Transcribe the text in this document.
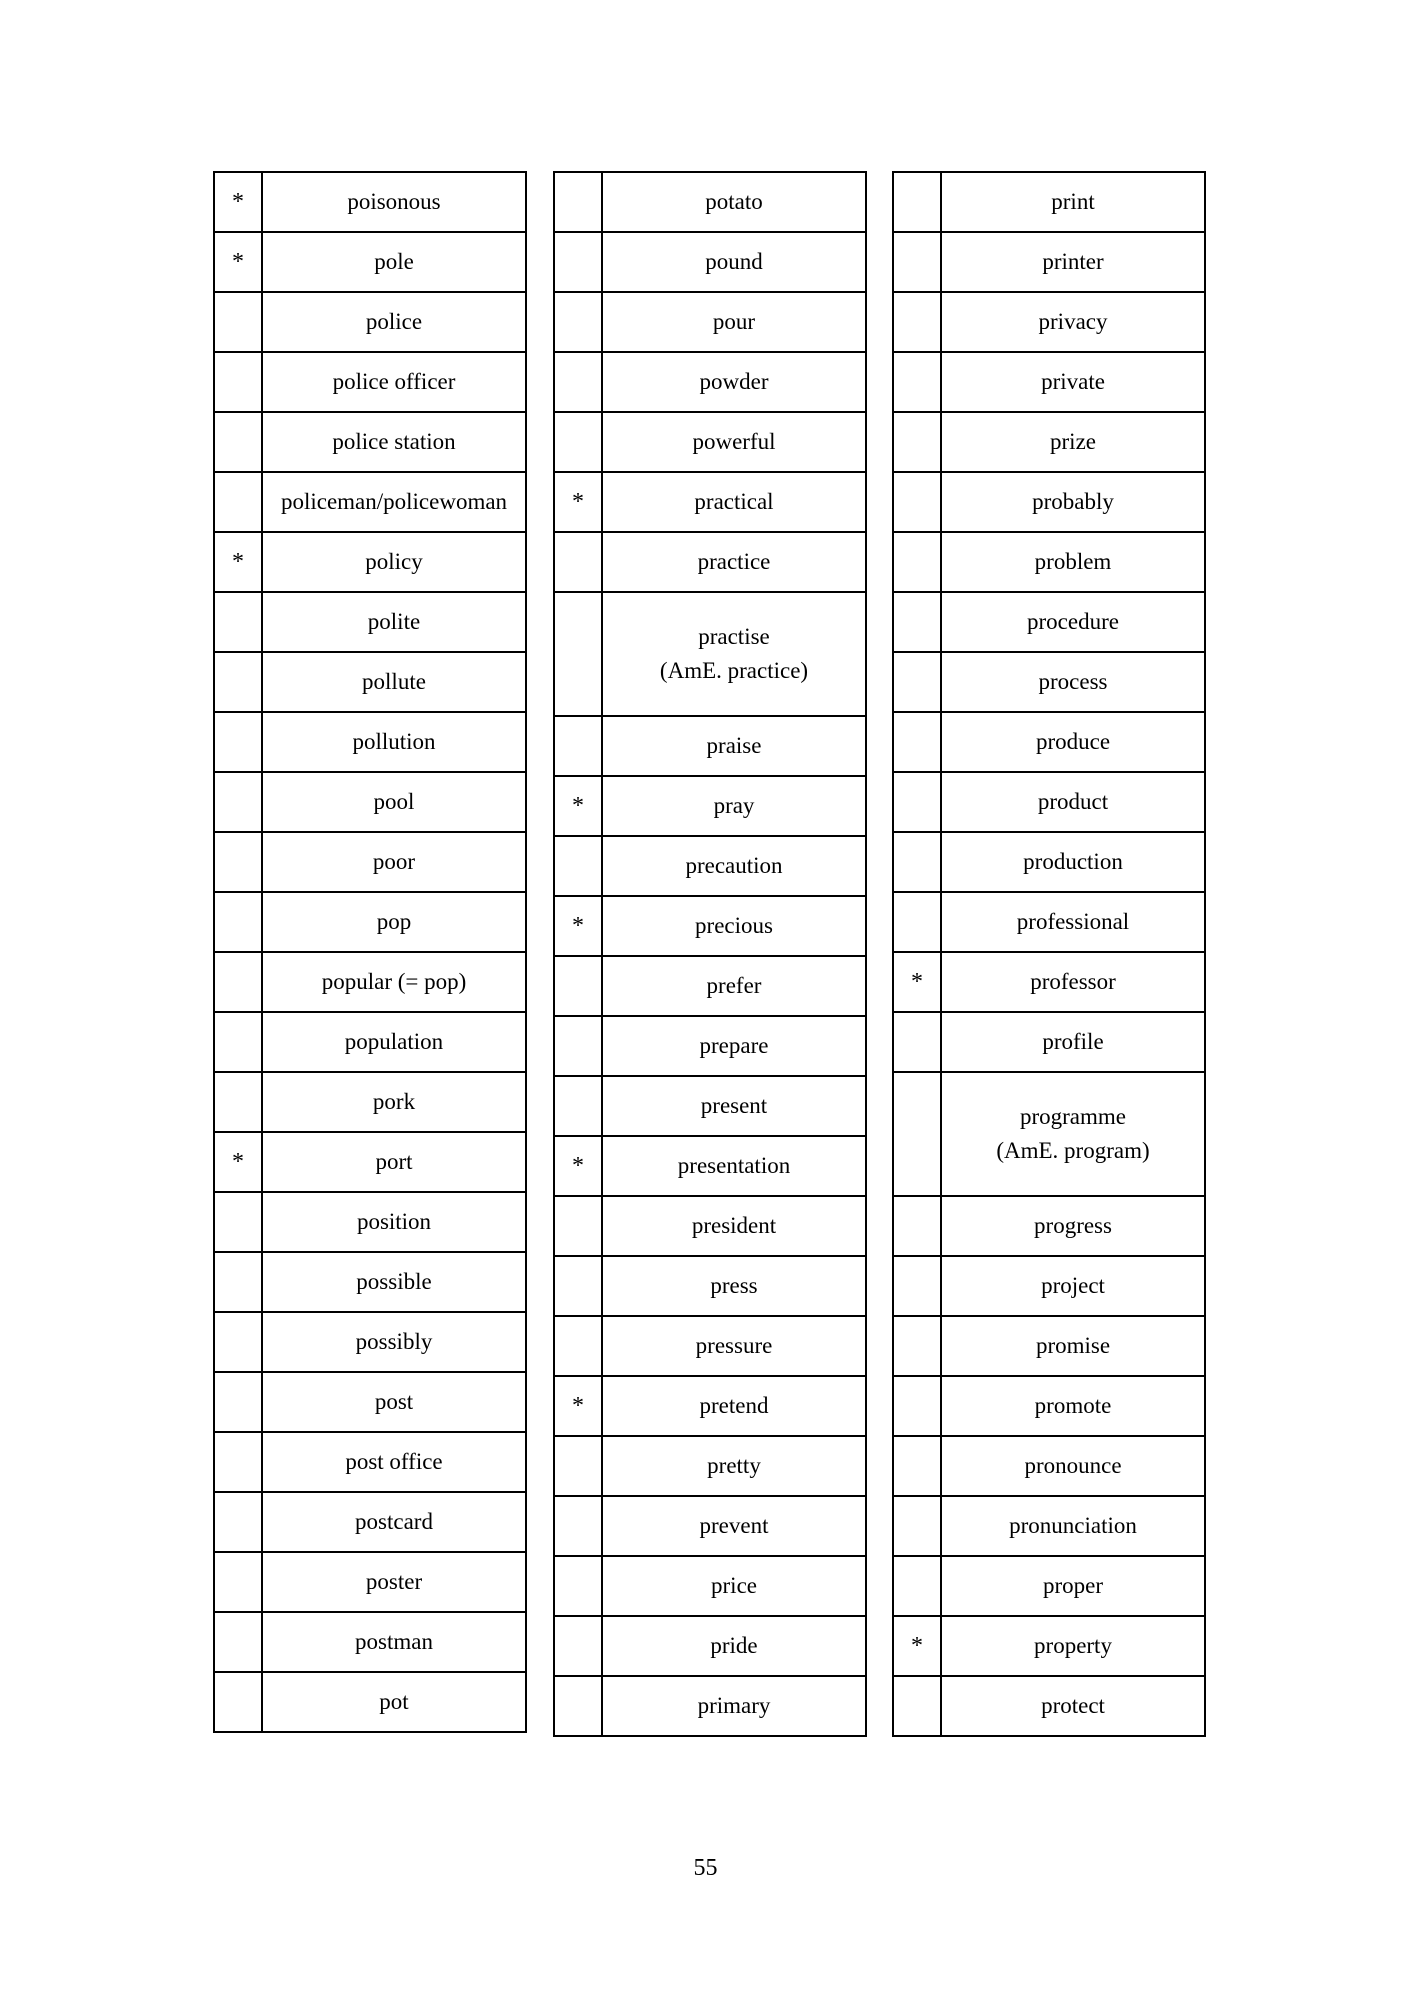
*	poisonous
*	pole
	police
	police officer
	police station
	policeman/policewoman
*	policy
	polite
	pollute
	pollution
	pool
	poor
	pop
	popular (= pop)
	population
	pork
*	port
	position
	possible
	possibly
	post
	post office
	postcard
	poster
	postman
	pot
	potato
	pound
	pour
	powder
	powerful
*	practical
	practice

	practise
(AmE. practice)

	praise
*	pray
	precaution
*	precious
	prefer
	prepare
	present
*	presentation
	president
	press
	pressure
*	pretend
	pretty
	prevent
	price
	pride
	primary
	print
	printer
	privacy
	private
	prize
	probably
	problem
	procedure
	process
	produce
	product
	production
	professional
*	professor
	profile

	programme
(AmE. program)

	progress
	project
	promise
	promote
	pronounce
	pronunciation
	proper
*	property
	protect
55
